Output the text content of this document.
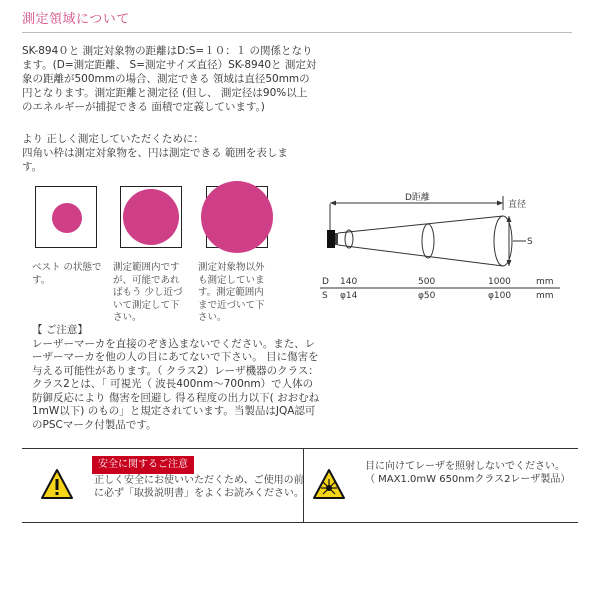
測定領域について
SK-894０と 測定対象物の距離はD:S=１０：１ の関係となります。(D=測定距離、 S=測定サイズ直径）SK-8940と 測定対象の距離が500mmの場合、測定できる 領域は直径50mmの円となります。測定距離と測定径 (但し、 測定径は90%以上のエネルギーが捕捉できる 面積で定義しています。)
より 正しく測定していただくために：
四角い枠は測定対象物を、円は測定できる 範囲を表します。
ベスト の状態で
す。
測定範囲内です
が、可能であれ
ばもう 少し近づ
いて測定して下
さい。
測定対象物以外
も測定していま
す。測定範囲内
まで近づいて下
さい。
D距離
直径
S
D 140	500	1000	mm
S φ14	φ50	φ100	mm
【 ご注意】
レーザーマーカを直接のぞき込まないでください。また、レーザーマーカを他の人の目にあてないで下さい。 目に傷害を与える可能性があります。（ クラス2）レーザ機器のクラス：クラス2とは、「 可視光（ 波長400nm～700nm）で人体の防御反応により 傷害を回避し 得る程度の出力以下( おおむね1mW以下) のもの」と規定されています。当製品はJQA認可のPSCマーク付製品です。
安全に関するご注意
正しく安全にお使いいただくため、ご使用の前に必ず「取扱説明書」をよくお読みください。
目に向けてレーザを照射しないでください。
（ MAX1.0mW 650nmクラス2レーザ製品）
